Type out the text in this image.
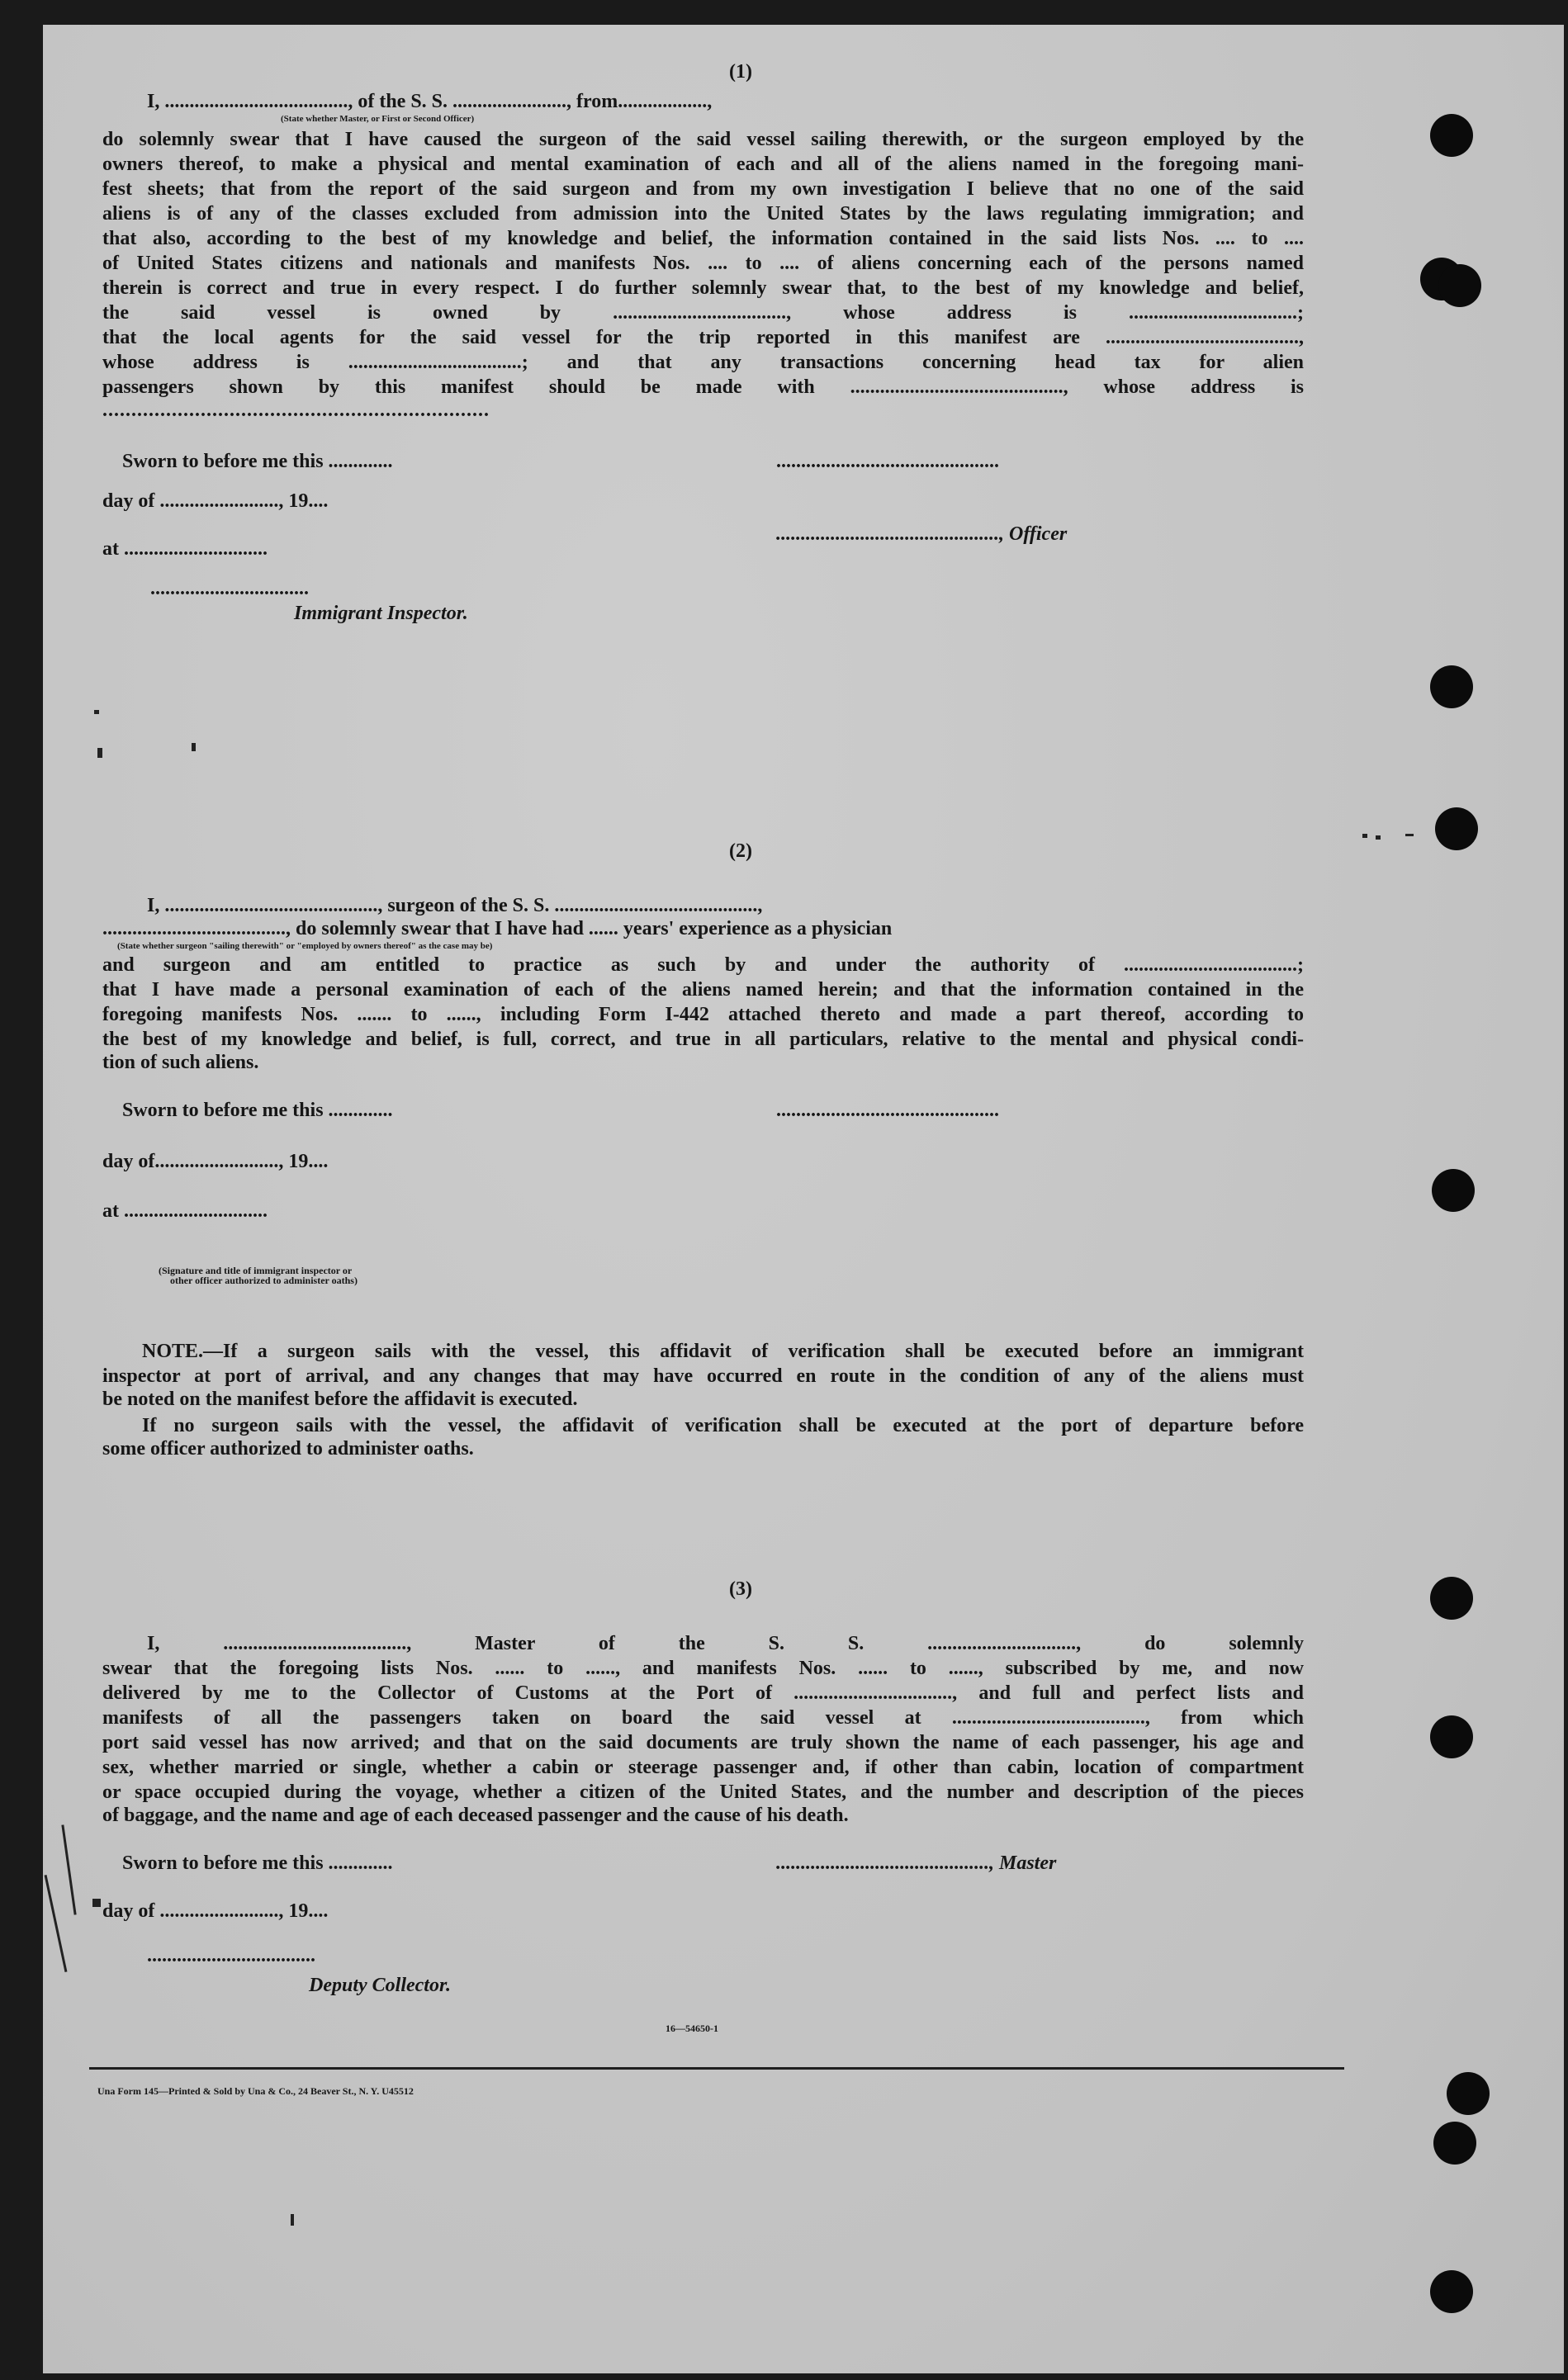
(1)
I, ....................................., of the S. S. ......................., from..................,
(State whether Master, or First or Second Officer)
do solemnly swear that I have caused the surgeon of the said vessel sailing therewith, or the surgeon employed by the
owners thereof, to make a physical and mental examination of each and all of the aliens named in the foregoing mani-
fest sheets; that from the report of the said surgeon and from my own investigation I believe that no one of the said
aliens is of any of the classes excluded from admission into the United States by the laws regulating immigration; and
that also, according to the best of my knowledge and belief, the information contained in the said lists Nos. .... to ....
of United States citizens and nationals and manifests Nos. .... to .... of aliens concerning each of the persons named
therein is correct and true in every respect. I do further solemnly swear that, to the best of my knowledge and belief,
the said vessel is owned by ..................................., whose address is ..................................;
that the local agents for the said vessel for the trip reported in this manifest are .......................................,
whose address is ...................................; and that any transactions concerning head tax for alien
passengers shown by this manifest should be made with ..........................................., whose address is
...................................................................
Sworn to before me this .............	.............................................
day of ........................, 19....
............................................., Officer
at .............................
................................
Immigrant Inspector.
(2)
I, ..........................................., surgeon of the S. S. .........................................,
....................................., do solemnly swear that I have had ...... years' experience as a physician
(State whether surgeon "sailing therewith" or "employed by owners thereof" as the case may be)
and surgeon and am entitled to practice as such by and under the authority of ...................................;
that I have made a personal examination of each of the aliens named herein; and that the information contained in the
foregoing manifests Nos. ....... to ......, including Form I-442 attached thereto and made a part thereof, according to
the best of my knowledge and belief, is full, correct, and true in all particulars, relative to the mental and physical condi-
tion of such aliens.
Sworn to before me this .............	.............................................
day of........................., 19....
at .............................
(Signature and title of immigrant inspector or
other officer authorized to administer oaths)
NOTE.—If a surgeon sails with the vessel, this affidavit of verification shall be executed before an immigrant
inspector at port of arrival, and any changes that may have occurred en route in the condition of any of the aliens must
be noted on the manifest before the affidavit is executed.
If no surgeon sails with the vessel, the affidavit of verification shall be executed at the port of departure before
some officer authorized to administer oaths.
(3)
I, ....................................., Master of the S. S. .............................., do solemnly
swear that the foregoing lists Nos. ...... to ......, and manifests Nos. ...... to ......, subscribed by me, and now
delivered by me to the Collector of Customs at the Port of ................................, and full and perfect lists and
manifests of all the passengers taken on board the said vessel at ......................................., from which
port said vessel has now arrived; and that on the said documents are truly shown the name of each passenger, his age and
sex, whether married or single, whether a cabin or steerage passenger and, if other than cabin, location of compartment
or space occupied during the voyage, whether a citizen of the United States, and the number and description of the pieces
of baggage, and the name and age of each deceased passenger and the cause of his death.
Sworn to before me this .............	..........................................., Master
day of ........................, 19....
..................................
Deputy Collector.
16—54650-1
Una Form 145—Printed & Sold by Una & Co., 24 Beaver St., N. Y. U45512
